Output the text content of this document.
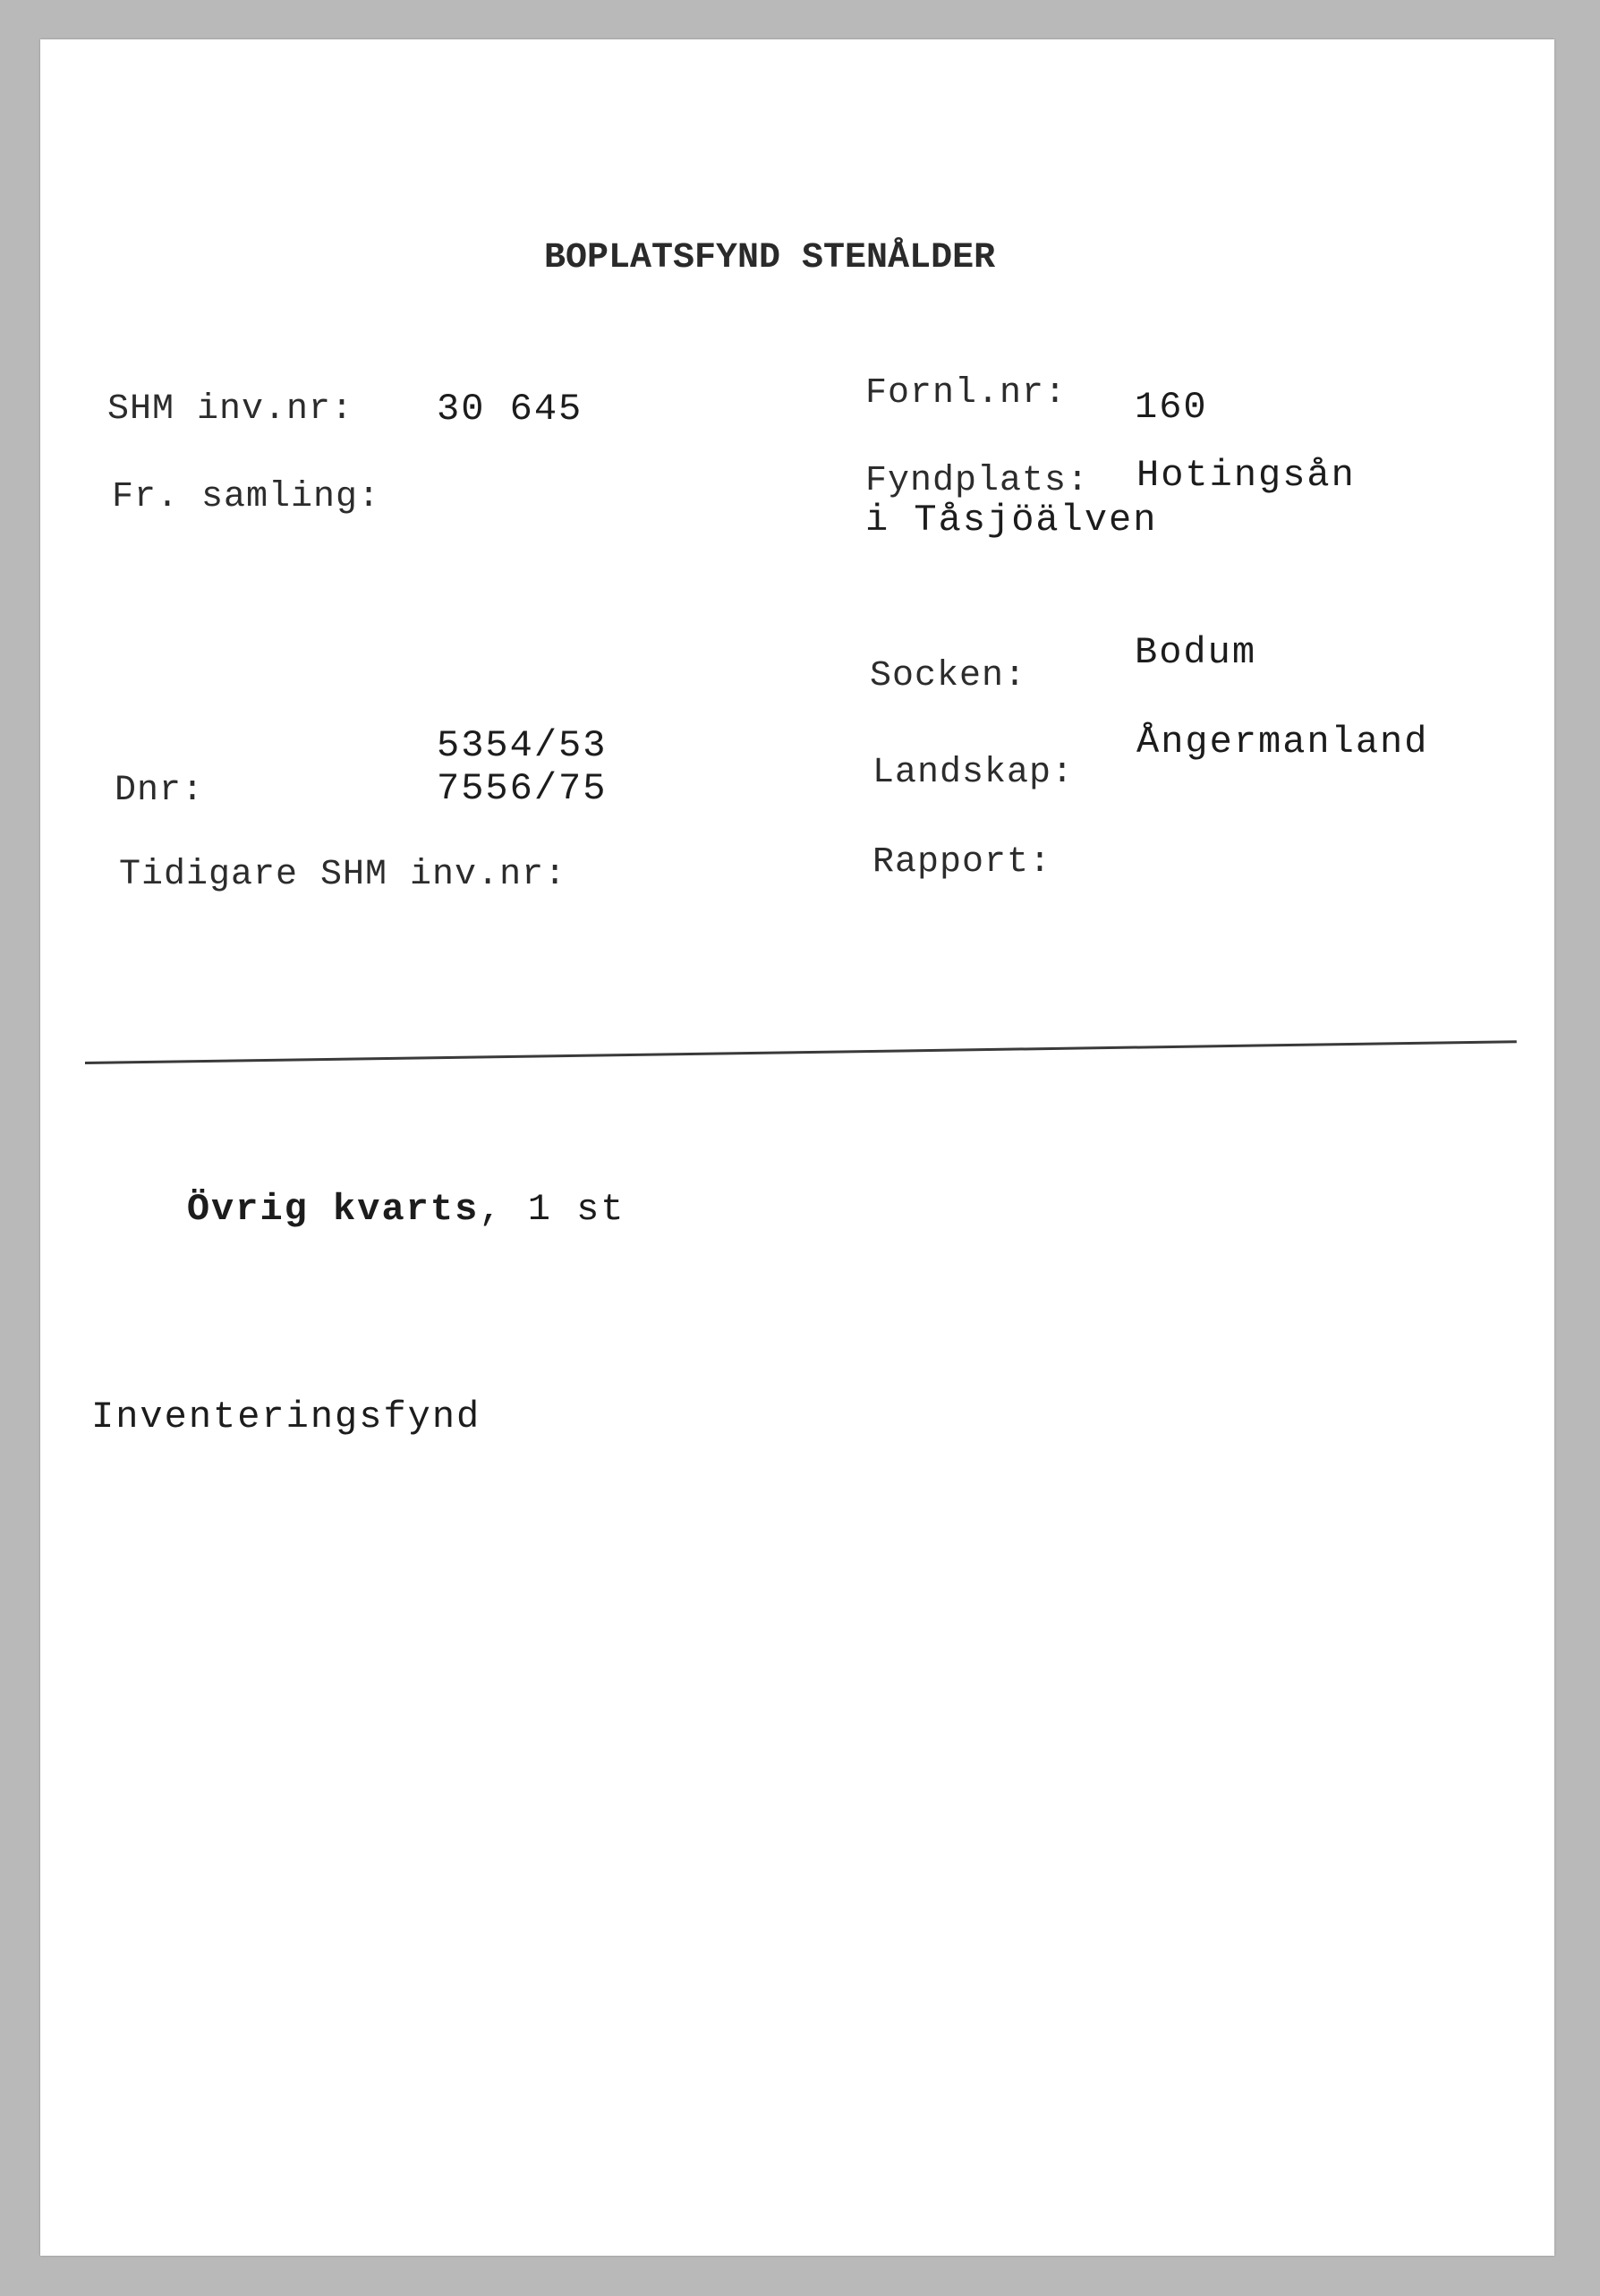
BOPLATSFYND STENÅLDER
SHM inv.nr: 30 645
Fr. samling:
5354/53
Dnr:	7556/75
Tidigare SHM inv.nr:
Fornl.nr: 160
Fyndplats: Hotingsån
i Tåsjöälven
Socken:
Bodum
Ångermanland
Landskap:
Rapport:

Övrig kvarts, 1 st

Inventeringsfynd
